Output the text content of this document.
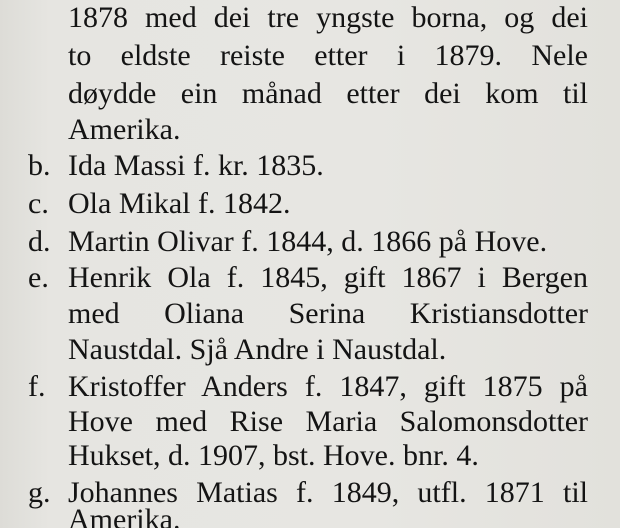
1878 med dei tre yngste borna, og dei
to eldste reiste etter i 1879. Nele
døydde ein månad etter dei kom til
Amerika.
b. Ida Massi f. kr. 1835.
c. Ola Mikal f. 1842.
d. Martin Olivar f. 1844, d. 1866 på Hove.
e. Henrik Ola f. 1845, gift 1867 i Bergen
med Oliana Serina Kristiansdotter
Naustdal. Sjå Andre i Naustdal.
f. Kristoffer Anders f. 1847, gift 1875 på
Hove med Rise Maria Salomonsdotter
Hukset, d. 1907, bst. Hove. bnr. 4.
g. Johannes Matias f. 1849, utfl. 1871 til
Amerika.
